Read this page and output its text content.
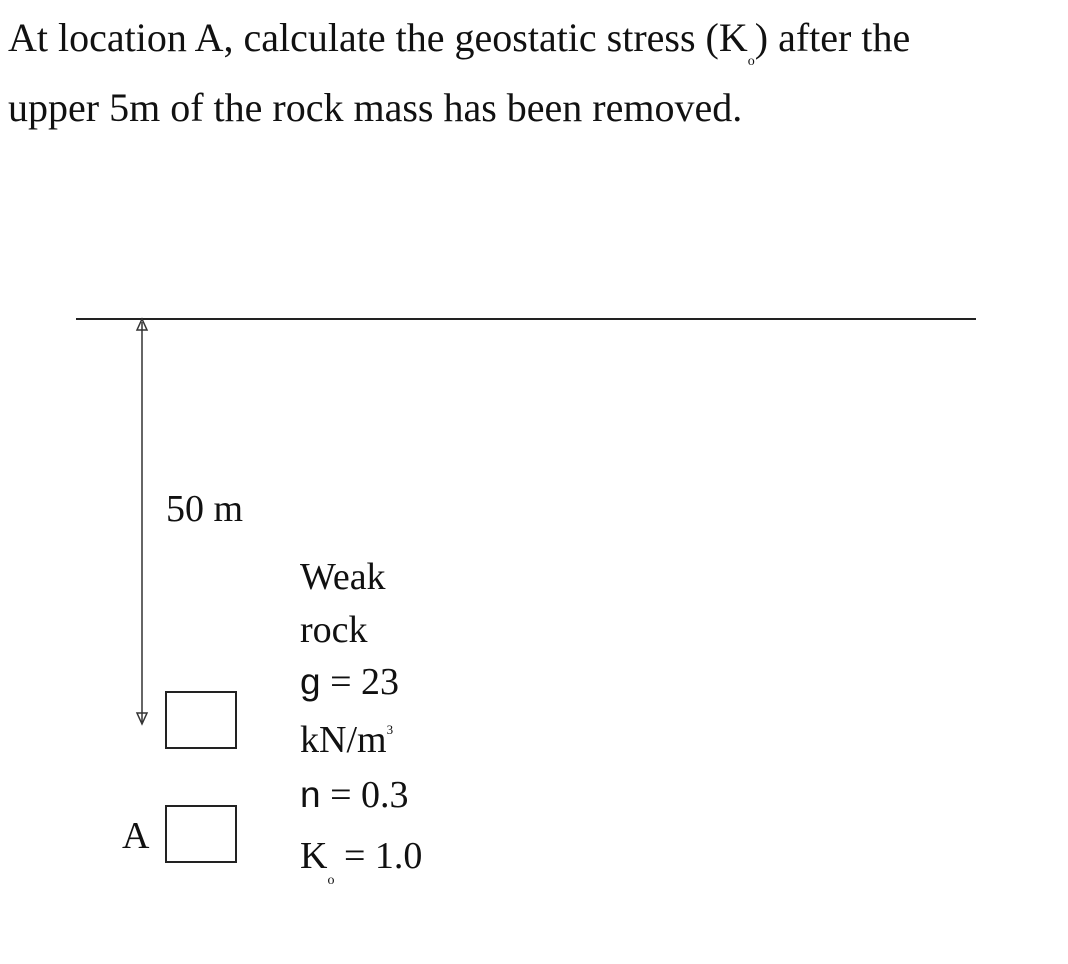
At location A, calculate the geostatic stress $(K_o)$ after the
upper 5m of the rock mass has been removed.
50 m
A
Weak
rock
g = 23
$kN/m^3$
n = 0.3
$K_o = 1.0$
